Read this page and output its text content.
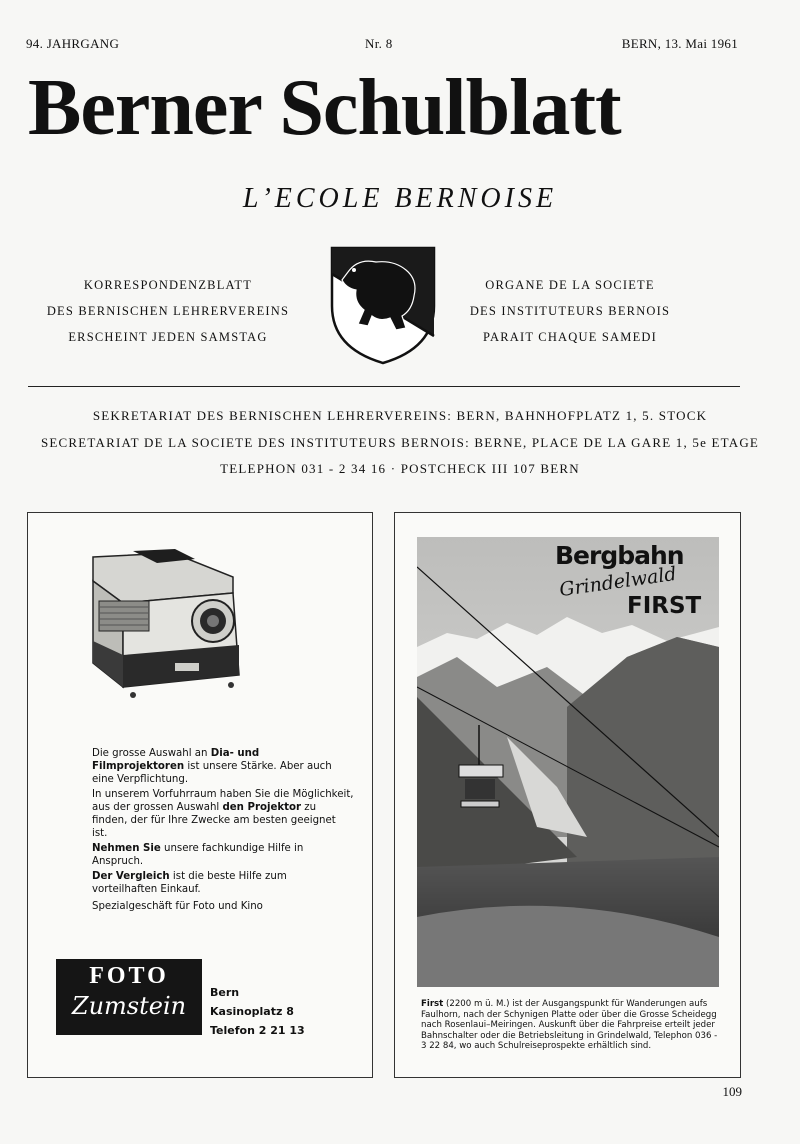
94. JAHRGANG	Nr. 8	BERN, 13. Mai 1961
Berner Schulblatt
L’ECOLE BERNOISE
KORRESPONDENZBLATT
DES BERNISCHEN LEHRERVEREINS
ERSCHEINT JEDEN SAMSTAG
ORGANE DE LA SOCIETE
DES INSTITUTEURS BERNOIS
PARAIT CHAQUE SAMEDI
SEKRETARIAT DES BERNISCHEN LEHRERVEREINS: BERN, BAHNHOFPLATZ 1, 5. STOCK
SECRETARIAT DE LA SOCIETE DES INSTITUTEURS BERNOIS: BERNE, PLACE DE LA GARE 1, 5e ETAGE
TELEPHON 031 - 2 34 16 · POSTCHECK III 107 BERN

Die grosse Auswahl an Dia- und Filmprojektoren ist unsere Stärke. Aber auch eine Verpflichtung.

In unserem Vorfuhrraum haben Sie die Möglichkeit, aus der grossen Auswahl den Projektor zu finden, der für Ihre Zwecke am besten geeignet ist.

Nehmen Sie unsere fachkundige Hilfe in Anspruch.

Der Vergleich ist die beste Hilfe zum vorteilhaften Einkauf.

Spezialgeschäft für Foto und Kino

FOTO
Zumstein	Bern
Kasinoplatz 8
Telefon 2 21 13
Bergbahn
Grindelwald
FIRST
First (2200 m ü. M.) ist der Ausgangspunkt für Wanderungen aufs Faulhorn, nach der Schynigen Platte oder über die Grosse Scheidegg nach Rosenlaui–Meiringen. Auskunft über die Fahrpreise erteilt jeder Bahnschalter oder die Betriebsleitung in Grindelwald, Telephon 036 - 3 22 84, wo auch Schulreiseprospekte erhältlich sind.
109
